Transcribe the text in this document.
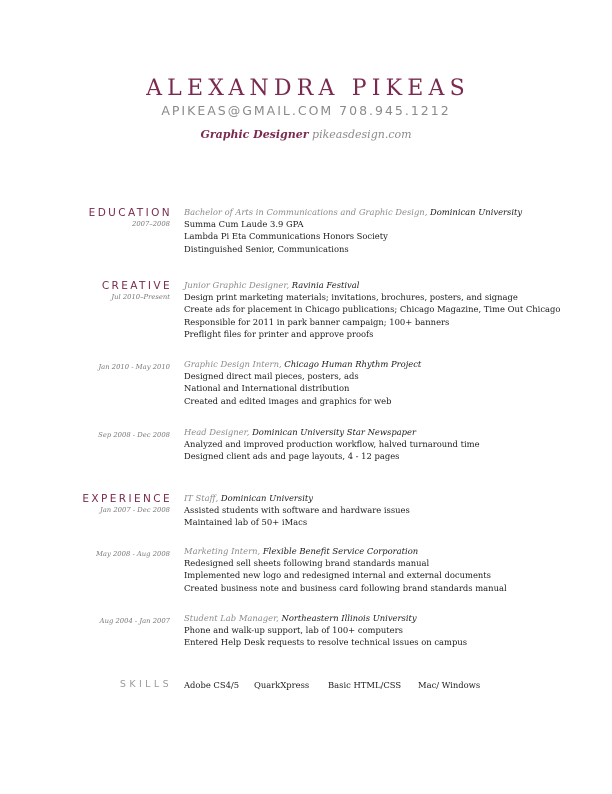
ALEXANDRA PIKEAS
APIKEAS@GMAIL.COM 708.945.1212
Graphic Designer pikeasdesign.com
EDUCATION
2007–2008
Bachelor of Arts in Communications and Graphic Design, Dominican University
Summa Cum Laude 3.9 GPA
Lambda Pi Eta Communications Honors Society
Distinguished Senior, Communications
CREATIVE
Jul 2010–Present
Junior Graphic Designer, Ravinia Festival
Design print marketing materials; invitations, brochures, posters, and signage
Create ads for placement in Chicago publications; Chicago Magazine, Time Out Chicago
Responsible for 2011 in park banner campaign; 100+ banners
Preflight files for printer and approve proofs
Jan 2010 - May 2010 Graphic Design Intern, Chicago Human Rhythm Project
Designed direct mail pieces, posters, ads
National and International distribution
Created and edited images and graphics for web
Sep 2008 - Dec 2008 Head Designer, Dominican University Star Newspaper
Analyzed and improved production workflow, halved turnaround time
Designed client ads and page layouts, 4 - 12 pages
EXPERIENCE
Jan 2007 - Dec 2008
IT Staff, Dominican University
Assisted students with software and hardware issues
Maintained lab of 50+ iMacs
May 2008 - Aug 2008 Marketing Intern, Flexible Benefit Service Corporation
Redesigned sell sheets following brand standards manual
Implemented new logo and redesigned internal and external documents
Created business note and business card following brand standards manual
Aug 2004 - Jan 2007 Student Lab Manager, Northeastern Illinois University
Phone and walk-up support, lab of 100+ computers
Entered Help Desk requests to resolve technical issues on campus
SKILLS Adobe CS4/5 QuarkXpress Basic HTML/CSS Mac/ Windows
